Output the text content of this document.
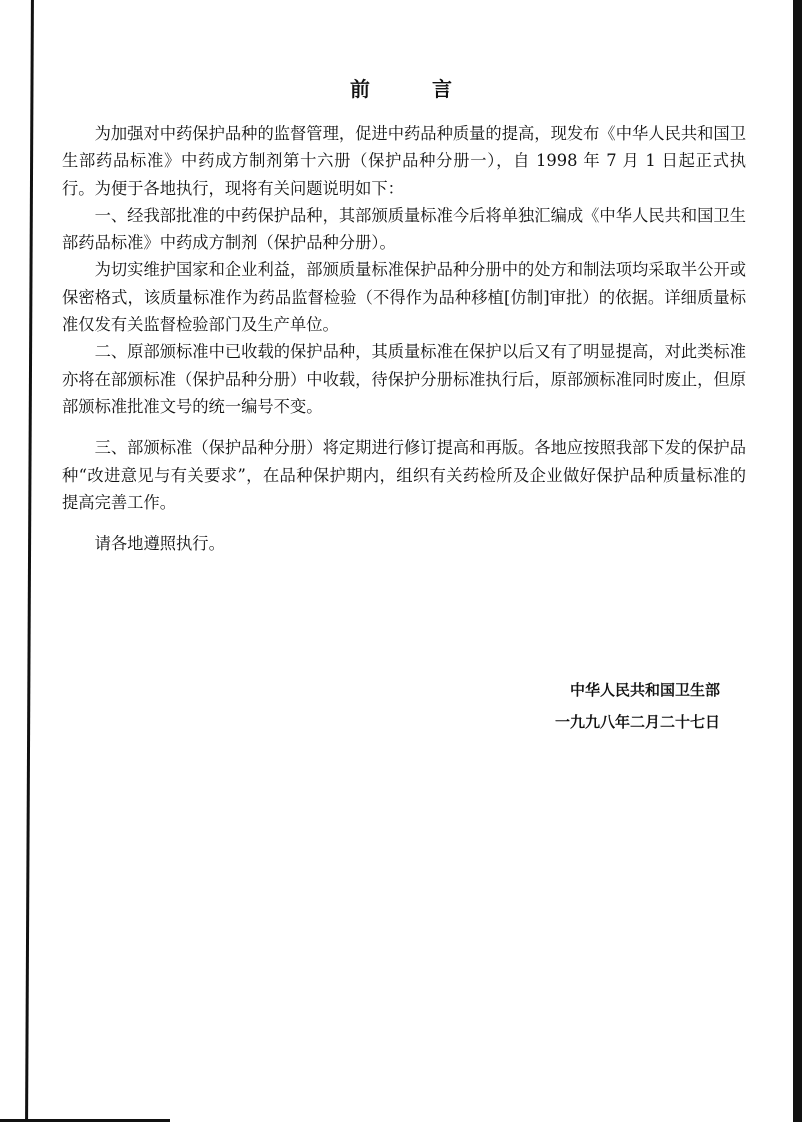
前言

为加强对中药保护品种的监督管理，促进中药品种质量的提高，现发布《中华人民共和国卫生部药品标准》中药成方制剂第十六册（保护品种分册一），自 1998 年 7 月 1 日起正式执行。为便于各地执行，现将有关问题说明如下：

一、经我部批准的中药保护品种，其部颁质量标准今后将单独汇编成《中华人民共和国卫生部药品标准》中药成方制剂（保护品种分册）。

为切实维护国家和企业利益，部颁质量标准保护品种分册中的处方和制法项均采取半公开或保密格式，该质量标准作为药品监督检验（不得作为品种移植[仿制]审批）的依据。详细质量标准仅发有关监督检验部门及生产单位。

二、原部颁标准中已收载的保护品种，其质量标准在保护以后又有了明显提高，对此类标准亦将在部颁标准（保护品种分册）中收载，待保护分册标准执行后，原部颁标准同时废止，但原部颁标准批准文号的统一编号不变。

三、部颁标准（保护品种分册）将定期进行修订提高和再版。各地应按照我部下发的保护品种“改进意见与有关要求”，在品种保护期内，组织有关药检所及企业做好保护品种质量标准的提高完善工作。

请各地遵照执行。

中华人民共和国卫生部
一九九八年二月二十七日
